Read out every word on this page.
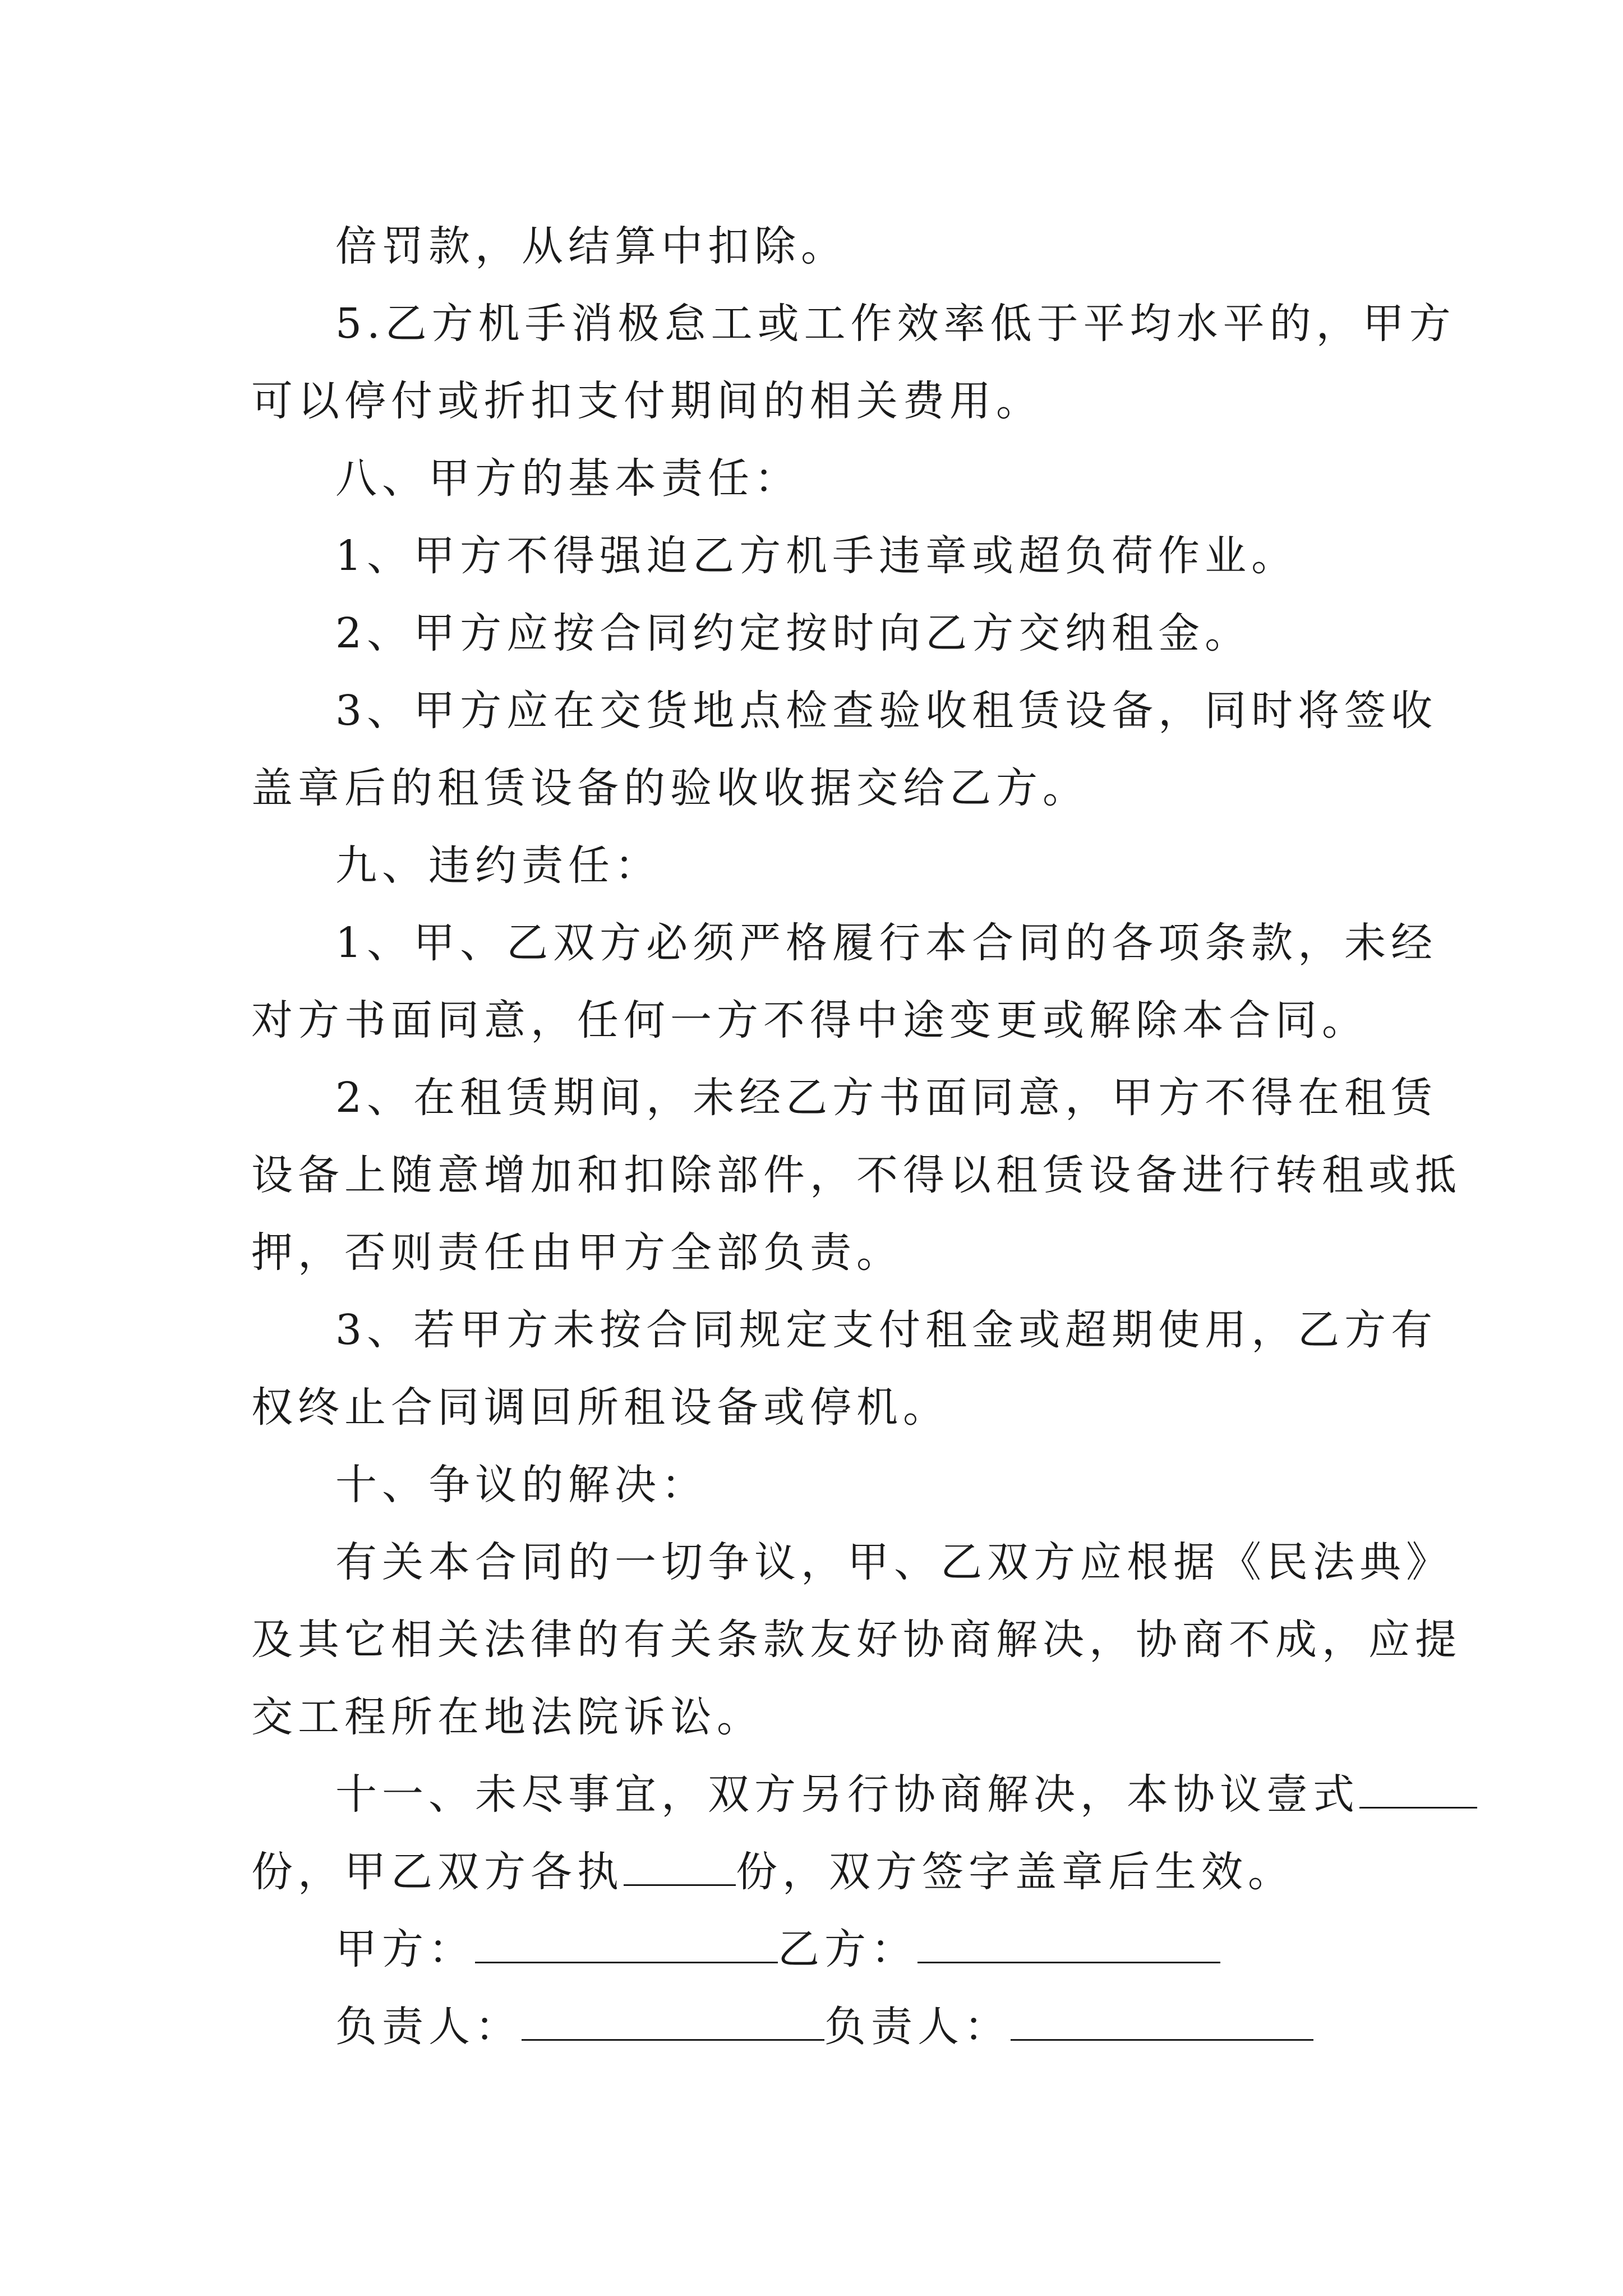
倍罚款，从结算中扣除。
5.乙方机手消极怠工或工作效率低于平均水平的，甲方
可以停付或折扣支付期间的相关费用。
八、甲方的基本责任：
1、甲方不得强迫乙方机手违章或超负荷作业。
2、甲方应按合同约定按时向乙方交纳租金。
3、甲方应在交货地点检查验收租赁设备，同时将签收
盖章后的租赁设备的验收收据交给乙方。
九、违约责任：
1、甲、乙双方必须严格履行本合同的各项条款，未经
对方书面同意，任何一方不得中途变更或解除本合同。
2、在租赁期间，未经乙方书面同意，甲方不得在租赁
设备上随意增加和扣除部件，不得以租赁设备进行转租或抵
押，否则责任由甲方全部负责。
3、若甲方未按合同规定支付租金或超期使用，乙方有
权终止合同调回所租设备或停机。
十、争议的解决：
有关本合同的一切争议，甲、乙双方应根据《民法典》
及其它相关法律的有关条款友好协商解决，协商不成，应提
交工程所在地法院诉讼。
十一、未尽事宜，双方另行协商解决，本协议壹式
份，甲乙双方各执	份，双方签字盖章后生效。
甲方：	乙方：
负责人：	负责人：
